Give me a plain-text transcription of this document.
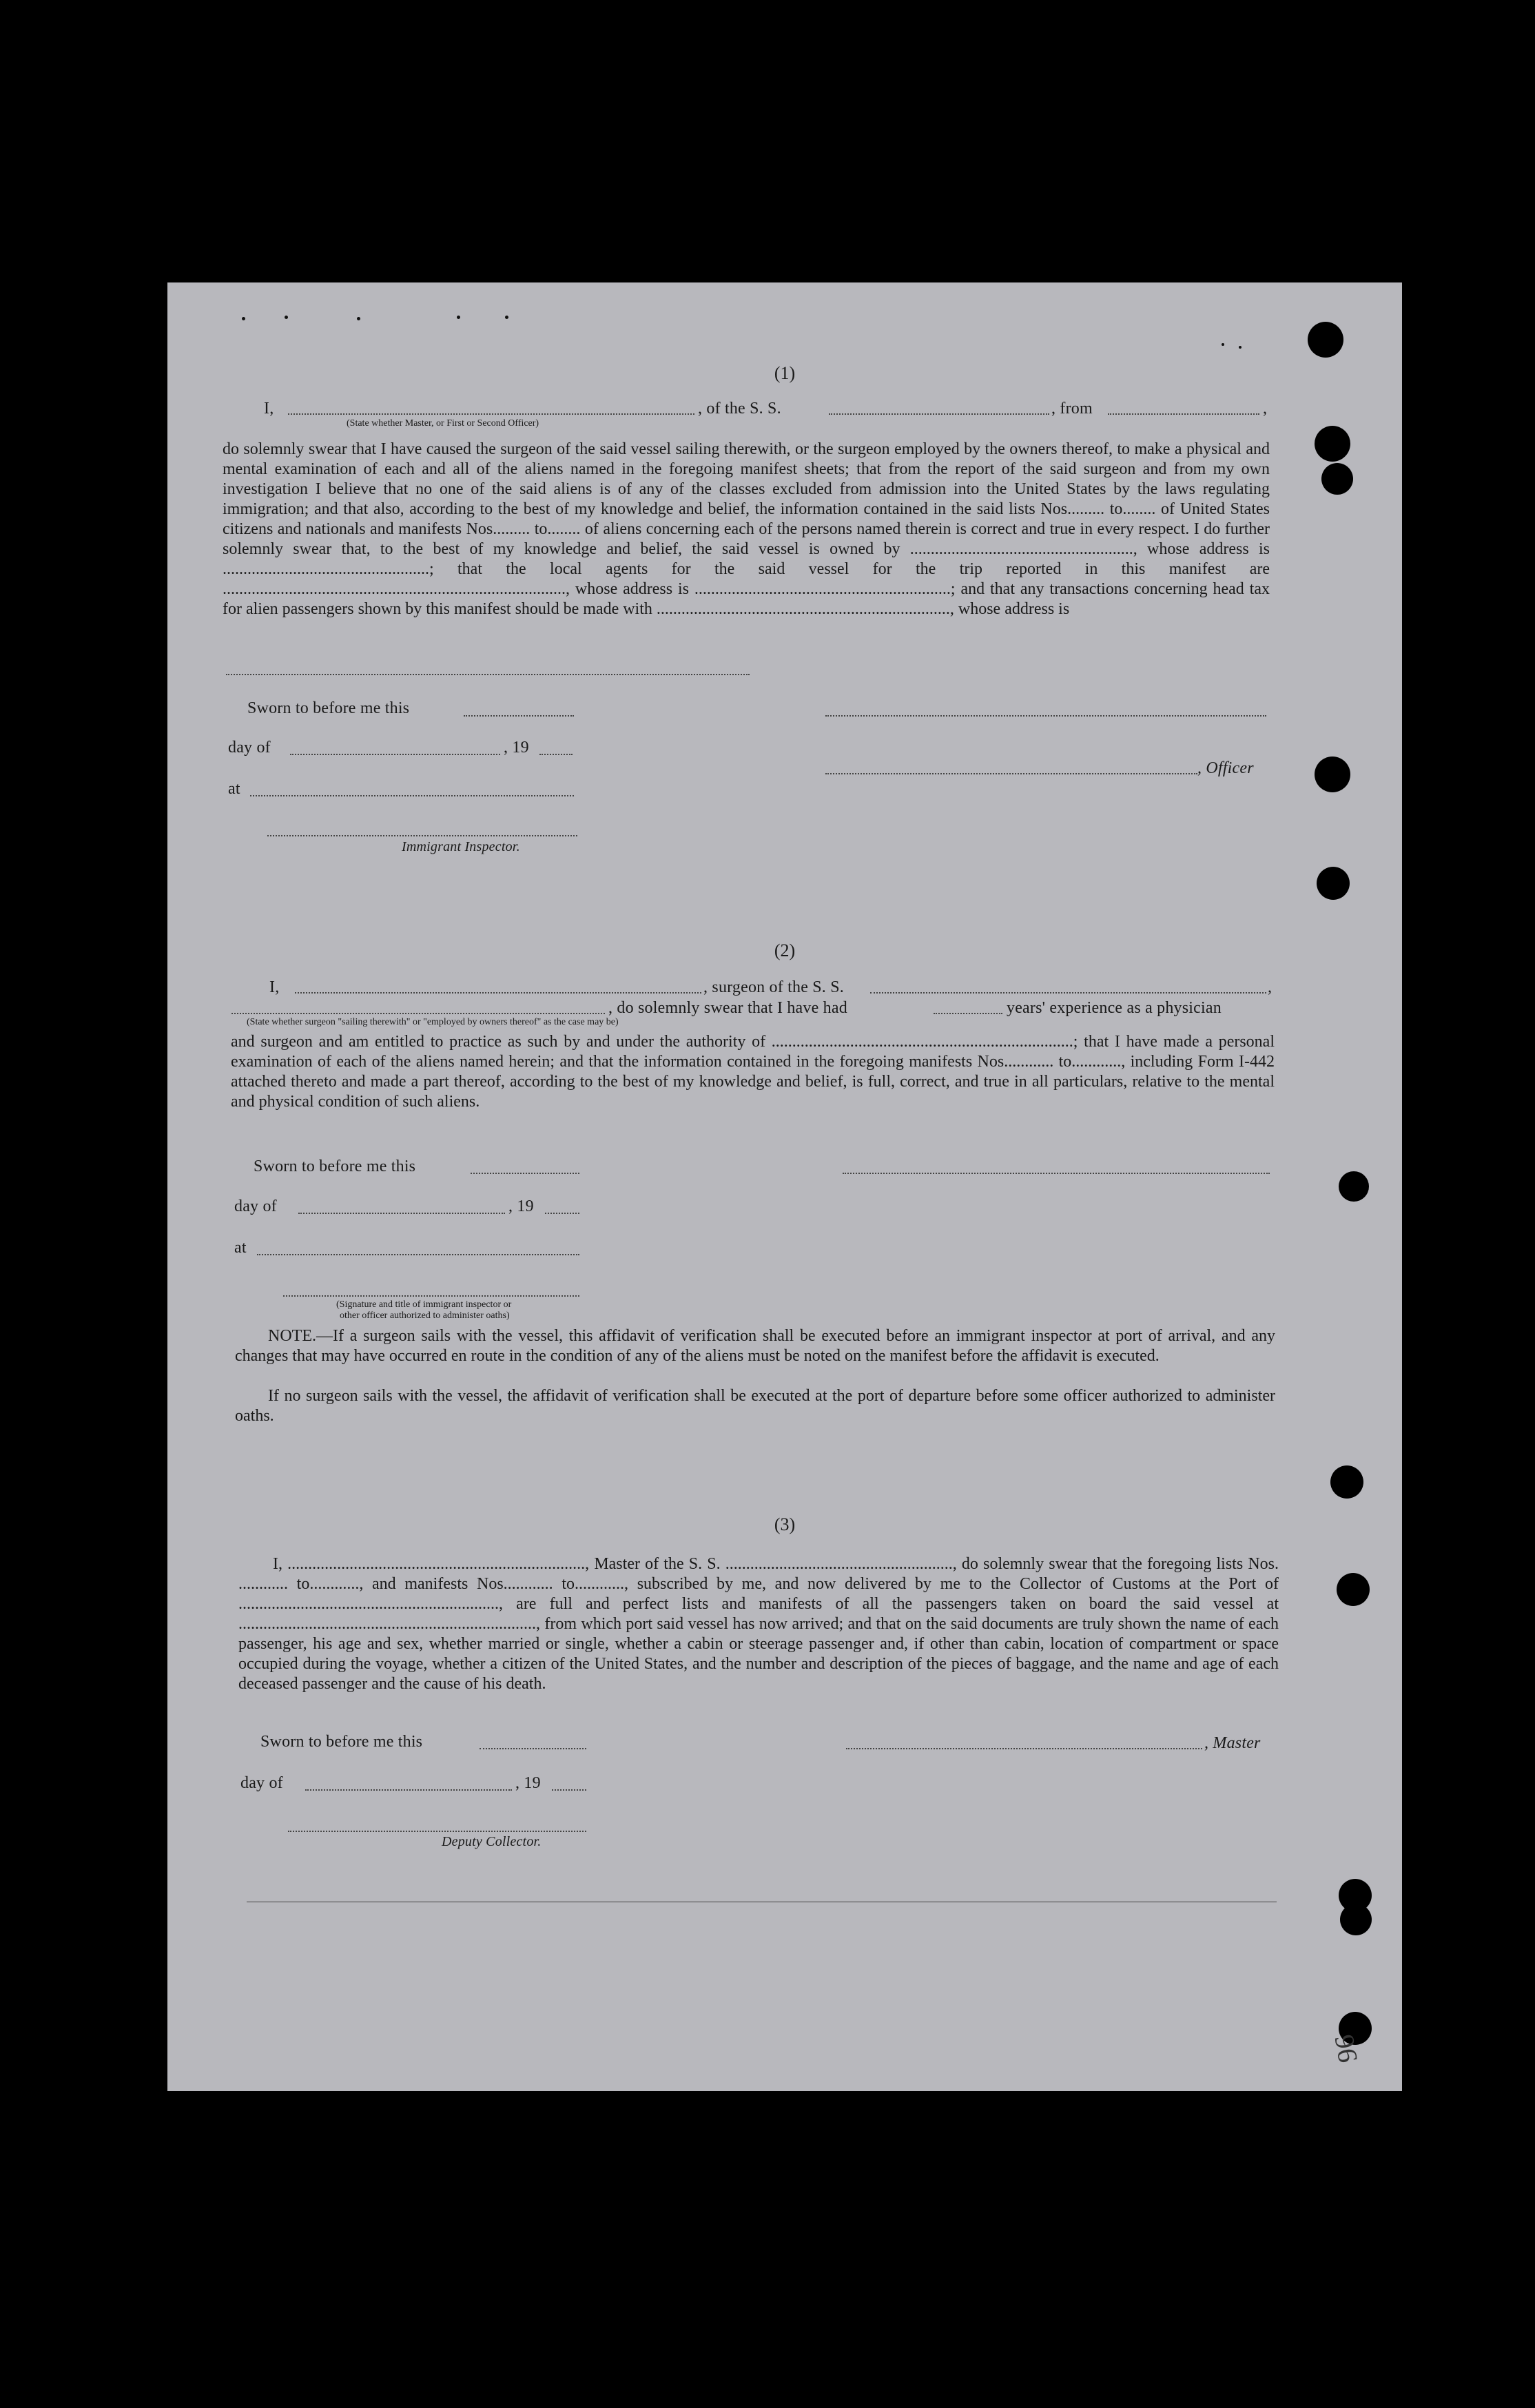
(1)
I,	, of the S. S.	, from	,
(State whether Master, or First or Second Officer)
do solemnly swear that I have caused the surgeon of the said vessel sailing therewith, or the surgeon employed by the owners thereof, to make a physical and mental examination of each and all of the aliens named in the foregoing manifest sheets; that from the report of the said surgeon and from my own investigation I believe that no one of the said aliens is of any of the classes excluded from admission into the United States by the laws regulating immigration; and that also, according to the best of my knowledge and belief, the information contained in the said lists Nos......... to........ of United States citizens and nationals and manifests Nos......... to........ of aliens concerning each of the persons named therein is correct and true in every respect. I do further solemnly swear that, to the best of my knowledge and belief, the said vessel is owned by ......................................................, whose address is ..................................................; that the local agents for the said vessel for the trip reported in this manifest are ..................................................................................., whose address is ..............................................................; and that any transactions concerning head tax for alien passengers shown by this manifest should be made with ......................................................................., whose address is
Sworn to before me this
day of	, 19
, Officer
at
Immigrant Inspector.
(2)
I,	, surgeon of the S. S.	,
, do solemnly swear that I have had	years' experience as a physician
(State whether surgeon "sailing therewith" or "employed by owners thereof" as the case may be)
and surgeon and am entitled to practice as such by and under the authority of .........................................................................; that I have made a personal examination of each of the aliens named herein; and that the information contained in the foregoing manifests Nos............ to............, including Form I-442 attached thereto and made a part thereof, according to the best of my knowledge and belief, is full, correct, and true in all particulars, relative to the mental and physical condition of such aliens.
Sworn to before me this
day of	, 19
at
(Signature and title of immigrant inspector or
other officer authorized to administer oaths)
NOTE.—If a surgeon sails with the vessel, this affidavit of verification shall be executed before an immigrant inspector at port of arrival, and any changes that may have occurred en route in the condition of any of the aliens must be noted on the manifest before the affidavit is executed.
If no surgeon sails with the vessel, the affidavit of verification shall be executed at the port of departure before some officer authorized to administer oaths.
(3)
I, ........................................................................, Master of the S. S. ......................................................., do solemnly swear that the foregoing lists Nos. ............ to............, and manifests Nos............ to............, subscribed by me, and now delivered by me to the Collector of Customs at the Port of ..............................................................., are full and perfect lists and manifests of all the passengers taken on board the said vessel at ........................................................................, from which port said vessel has now arrived; and that on the said documents are truly shown the name of each passenger, his age and sex, whether married or single, whether a cabin or steerage passenger and, if other than cabin, location of compartment or space occupied during the voyage, whether a citizen of the United States, and the number and description of the pieces of baggage, and the name and age of each deceased passenger and the cause of his death.
Sworn to before me this	, Master
day of	, 19
Deputy Collector.
96
